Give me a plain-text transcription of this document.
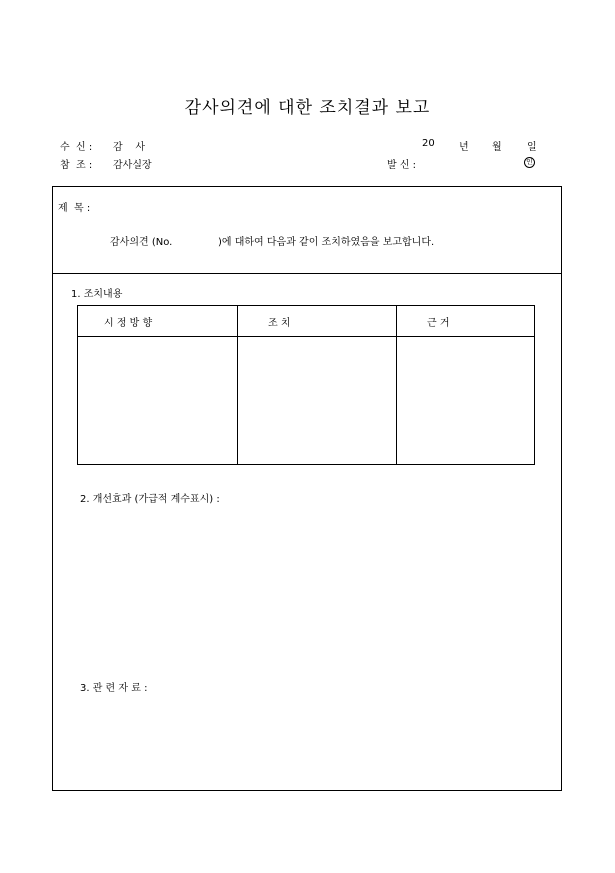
감사의견에 대한 조치결과 보고
수  신 : 감    사
참  조 : 감사실장
20 년 월	일
발 신 :	인
제  목 :
감사의견 (No.	)에 대하여 다음과 같이 조치하였음을 보고합니다.
1. 조치내용
시 정 방 향	조 치	근 거
2. 개선효과 (가급적 계수표시) :
3. 관 련 자 료 :
